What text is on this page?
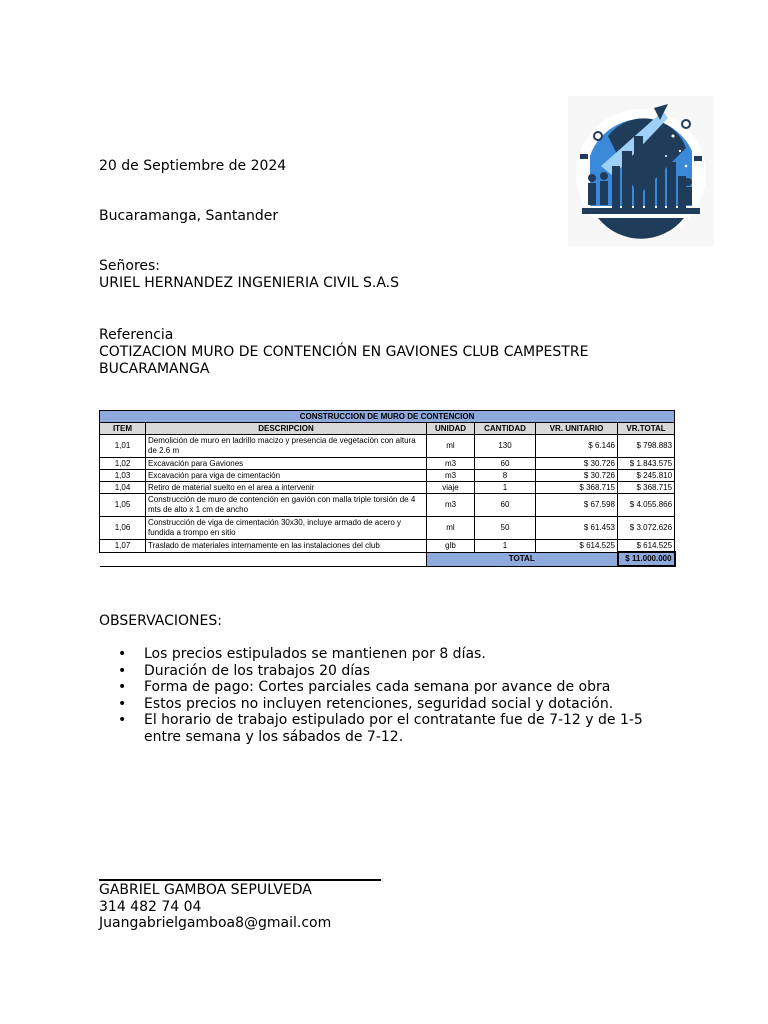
20 de Septiembre de 2024
Bucaramanga, Santander
Señores:
URIEL HERNANDEZ INGENIERIA CIVIL S.A.S
Referencia
COTIZACION MURO DE CONTENCIÓN EN GAVIONES CLUB CAMPESTRE
BUCARAMANGA
CONSTRUCCION DE MURO DE CONTENCION					
ITEM	DESCRIPCION	UNIDAD	CANTIDAD	VR. UNITARIO	VR.TOTAL
1,01	Demolición de muro en ladrillo macizo y presencia de vegetación con altura de 2.6 m	ml	130	$ 6.146	$ 798.883
1,02	Excavación para Gaviones	m3	60	$ 30.726	$ 1.843.575
1,03	Excavación para viga de cimentación	m3	8	$ 30.726	$ 245.810
1,04	Retiro de material suelto en el area a intervenir	viaje	1	$ 368.715	$ 368.715
1,05	Construcción de muro de contención en gavión con malla triple torsión de 4 mts de alto x 1 cm de ancho	m3	60	$ 67.598	$ 4.055.866
1,06	Construcción de viga de cimentación 30x30, incluye armado de acero y fundida a trompo en sitio	ml	50	$ 61.453	$ 3.072.626
1,07	Traslado de materiales internamente en las instalaciones del club	glb	1	$ 614.525	$ 614.525
		TOTAL			$ 11.000.000
OBSERVACIONES:
• Los precios estipulados se mantienen por 8 días.
• Duración de los trabajos 20 días
• Forma de pago: Cortes parciales cada semana por avance de obra
• Estos precios no incluyen retenciones, seguridad social y dotación.
• El horario de trabajo estipulado por el contratante fue de 7-12 y de 1-5 entre semana y los sábados de 7-12.
GABRIEL GAMBOA SEPULVEDA
314 482 74 04
Juangabrielgamboa8@gmail.com
